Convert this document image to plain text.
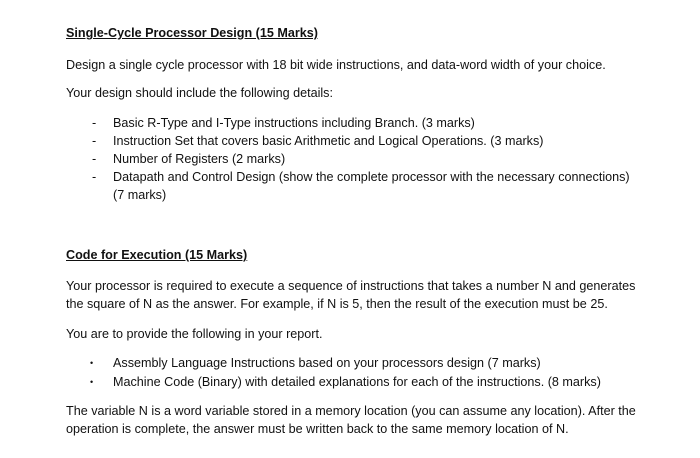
Single-Cycle Processor Design (15 Marks)

Design a single cycle processor with 18 bit wide instructions, and data-word width of your choice.

Your design should include the following details:

- Basic R-Type and I-Type instructions including Branch. (3 marks)
- Instruction Set that covers basic Arithmetic and Logical Operations. (3 marks)
- Number of Registers (2 marks)
- Datapath and Control Design (show the complete processor with the necessary connections)
(7 marks)

Code for Execution (15 Marks)

Your processor is required to execute a sequence of instructions that takes a number N and generates

the square of N as the answer. For example, if N is 5, then the result of the execution must be 25.

You are to provide the following in your report.

• Assembly Language Instructions based on your processors design (7 marks)
• Machine Code (Binary) with detailed explanations for each of the instructions. (8 marks)

The variable N is a word variable stored in a memory location (you can assume any location). After the

operation is complete, the answer must be written back to the same memory location of N.
